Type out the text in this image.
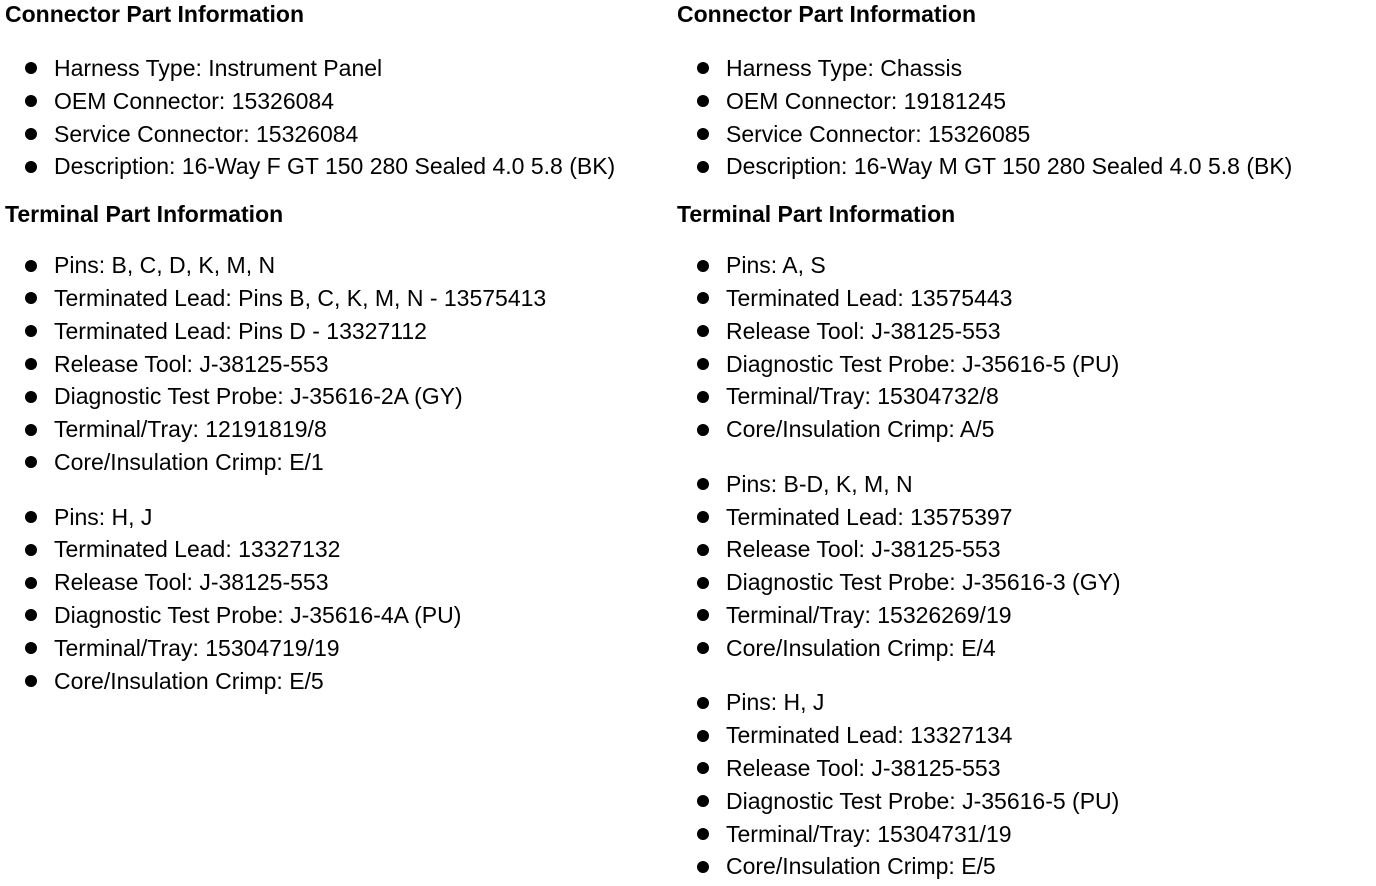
Connector Part Information
Harness Type: Instrument Panel
OEM Connector: 15326084
Service Connector: 15326084
Description: 16-Way F GT 150 280 Sealed 4.0 5.8 (BK)
Terminal Part Information
Pins: B, C, D, K, M, N
Terminated Lead: Pins B, C, K, M, N - 13575413
Terminated Lead: Pins D - 13327112
Release Tool: J-38125-553
Diagnostic Test Probe: J-35616-2A (GY)
Terminal/Tray: 12191819/8
Core/Insulation Crimp: E/1
Pins: H, J
Terminated Lead: 13327132
Release Tool: J-38125-553
Diagnostic Test Probe: J-35616-4A (PU)
Terminal/Tray: 15304719/19
Core/Insulation Crimp: E/5
Connector Part Information
Harness Type: Chassis
OEM Connector: 19181245
Service Connector: 15326085
Description: 16-Way M GT 150 280 Sealed 4.0 5.8 (BK)
Terminal Part Information
Pins: A, S
Terminated Lead: 13575443
Release Tool: J-38125-553
Diagnostic Test Probe: J-35616-5 (PU)
Terminal/Tray: 15304732/8
Core/Insulation Crimp: A/5
Pins: B-D, K, M, N
Terminated Lead: 13575397
Release Tool: J-38125-553
Diagnostic Test Probe: J-35616-3 (GY)
Terminal/Tray: 15326269/19
Core/Insulation Crimp: E/4
Pins: H, J
Terminated Lead: 13327134
Release Tool: J-38125-553
Diagnostic Test Probe: J-35616-5 (PU)
Terminal/Tray: 15304731/19
Core/Insulation Crimp: E/5
